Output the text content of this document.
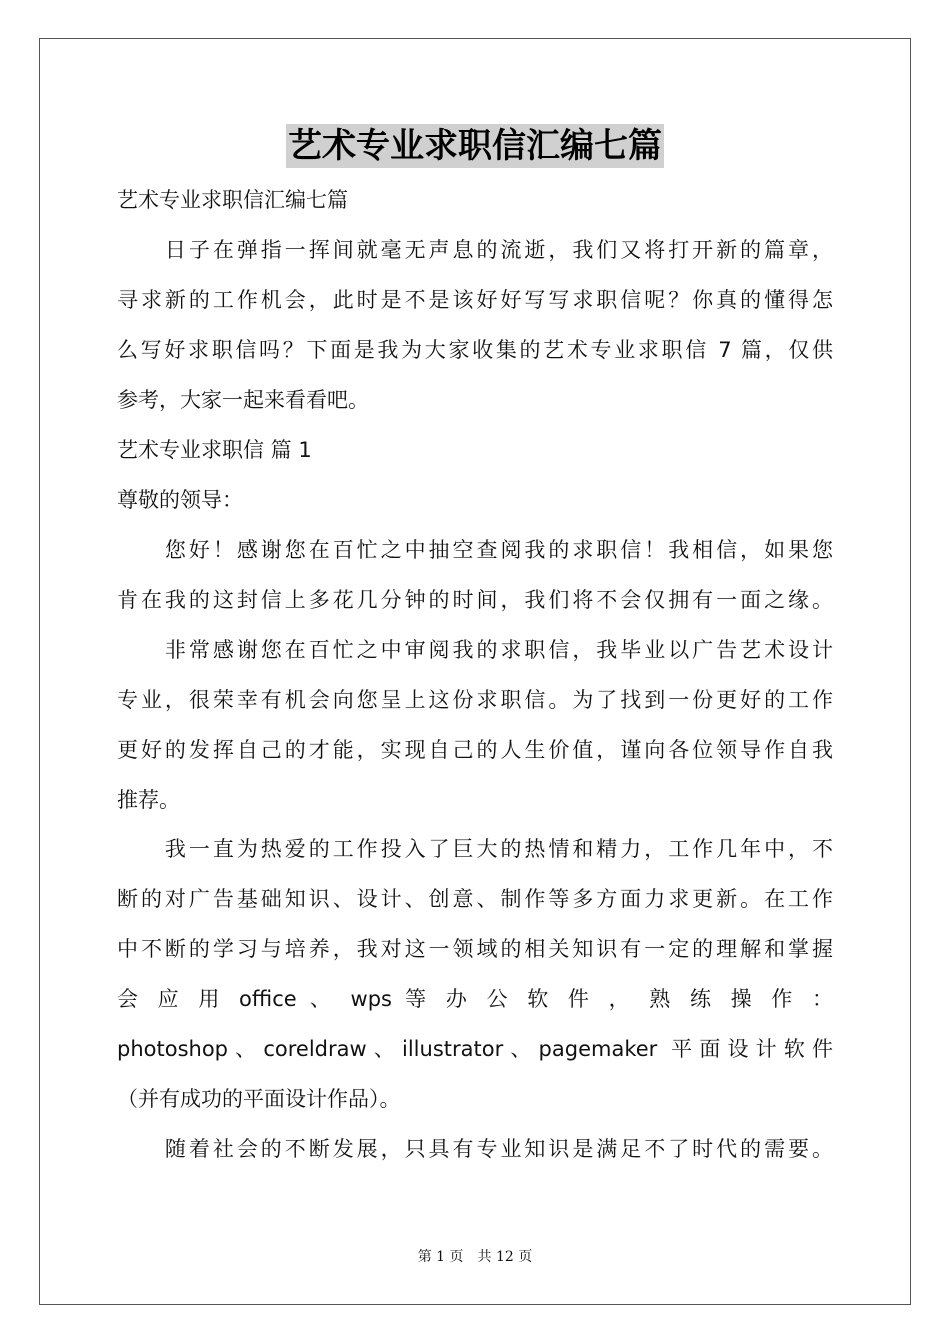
艺术专业求职信汇编七篇

艺术专业求职信汇编七篇

　　日子在弹指一挥间就毫无声息的流逝，我们又将打开新的篇章，

寻求新的工作机会，此时是不是该好好写写求职信呢？你真的懂得怎

么写好求职信吗？下面是我为大家收集的艺术专业求职信 7 篇，仅供

参考，大家一起来看看吧。

艺术专业求职信 篇 1

尊敬的领导：

　　您好！感谢您在百忙之中抽空查阅我的求职信！我相信，如果您

肯在我的这封信上多花几分钟的时间，我们将不会仅拥有一面之缘。

　　非常感谢您在百忙之中审阅我的求职信，我毕业以广告艺术设计

专业，很荣幸有机会向您呈上这份求职信。为了找到一份更好的工作

更好的发挥自己的才能，实现自己的人生价值，谨向各位领导作自我

推荐。

　　我一直为热爱的工作投入了巨大的热情和精力，工作几年中，不

断的对广告基础知识、设计、创意、制作等多方面力求更新。在工作

中不断的学习与培养，我对这一领域的相关知识有一定的理解和掌握

会 应 用 office 、 wps 等 办 公 软 件 ， 熟 练 操 作 ：

photoshop、coreldraw、illustrator、pagemaker 平面设计软件

（并有成功的平面设计作品）。

　　随着社会的不断发展，只具有专业知识是满足不了时代的需要。

第 1 页　共 12 页
